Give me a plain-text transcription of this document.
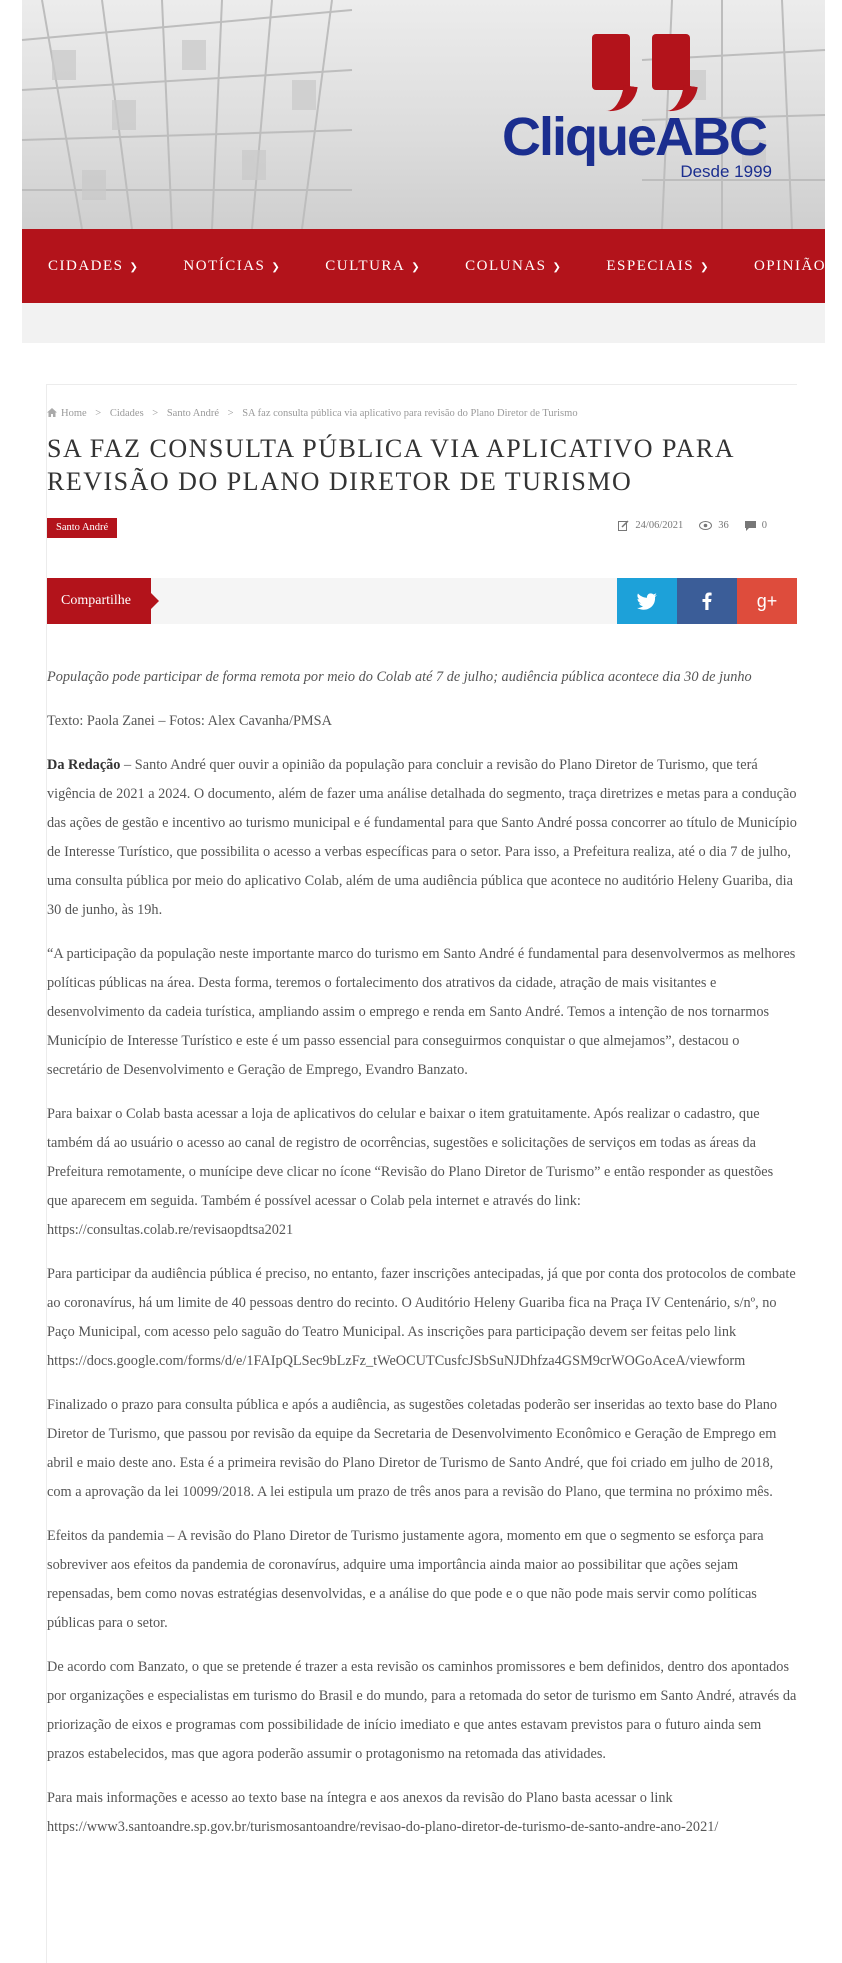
CliqueABC
Desde 1999
CIDADES ❯	NOTÍCIAS ❯	CULTURA ❯	COLUNAS ❯	ESPECIAIS ❯	OPINIÃO ❯
Home > Cidades > Santo André > SA faz consulta pública via aplicativo para revisão do Plano Diretor de Turismo
SA FAZ CONSULTA PÚBLICA VIA APLICATIVO PARA REVISÃO DO PLANO DIRETOR DE TURISMO
Santo André	24/06/2021	36	0
Compartilhe	g+

População pode participar de forma remota por meio do Colab até 7 de julho; audiência pública acontece dia 30 de junho

Texto: Paola Zanei – Fotos: Alex Cavanha/PMSA

Da Redação – Santo André quer ouvir a opinião da população para concluir a revisão do Plano Diretor de Turismo, que terá vigência de 2021 a 2024. O documento, além de fazer uma análise detalhada do segmento, traça diretrizes e metas para a condução das ações de gestão e incentivo ao turismo municipal e é fundamental para que Santo André possa concorrer ao título de Município de Interesse Turístico, que possibilita o acesso a verbas específicas para o setor. Para isso, a Prefeitura realiza, até o dia 7 de julho, uma consulta pública por meio do aplicativo Colab, além de uma audiência pública que acontece no auditório Heleny Guariba, dia 30 de junho, às 19h.

“A participação da população neste importante marco do turismo em Santo André é fundamental para desenvolvermos as melhores políticas públicas na área. Desta forma, teremos o fortalecimento dos atrativos da cidade, atração de mais visitantes e desenvolvimento da cadeia turística, ampliando assim o emprego e renda em Santo André. Temos a intenção de nos tornarmos Município de Interesse Turístico e este é um passo essencial para conseguirmos conquistar o que almejamos”, destacou o secretário de Desenvolvimento e Geração de Emprego, Evandro Banzato.

Para baixar o Colab basta acessar a loja de aplicativos do celular e baixar o item gratuitamente. Após realizar o cadastro, que também dá ao usuário o acesso ao canal de registro de ocorrências, sugestões e solicitações de serviços em todas as áreas da Prefeitura remotamente, o munícipe deve clicar no ícone “Revisão do Plano Diretor de Turismo” e então responder as questões que aparecem em seguida. Também é possível acessar o Colab pela internet e através do link:
https://consultas.colab.re/revisaopdtsa2021

Para participar da audiência pública é preciso, no entanto, fazer inscrições antecipadas, já que por conta dos protocolos de combate ao coronavírus, há um limite de 40 pessoas dentro do recinto. O Auditório Heleny Guariba fica na Praça IV Centenário, s/nº, no Paço Municipal, com acesso pelo saguão do Teatro Municipal. As inscrições para participação devem ser feitas pelo link
https://docs.google.com/forms/d/e/1FAIpQLSec9bLzFz_tWeOCUTCusfcJSbSuNJDhfza4GSM9crWOGoAceA/viewform

Finalizado o prazo para consulta pública e após a audiência, as sugestões coletadas poderão ser inseridas ao texto base do Plano Diretor de Turismo, que passou por revisão da equipe da Secretaria de Desenvolvimento Econômico e Geração de Emprego em abril e maio deste ano. Esta é a primeira revisão do Plano Diretor de Turismo de Santo André, que foi criado em julho de 2018, com a aprovação da lei 10099/2018. A lei estipula um prazo de três anos para a revisão do Plano, que termina no próximo mês.

Efeitos da pandemia – A revisão do Plano Diretor de Turismo justamente agora, momento em que o segmento se esforça para sobreviver aos efeitos da pandemia de coronavírus, adquire uma importância ainda maior ao possibilitar que ações sejam repensadas, bem como novas estratégias desenvolvidas, e a análise do que pode e o que não pode mais servir como políticas públicas para o setor.

De acordo com Banzato, o que se pretende é trazer a esta revisão os caminhos promissores e bem definidos, dentro dos apontados por organizações e especialistas em turismo do Brasil e do mundo, para a retomada do setor de turismo em Santo André, através da priorização de eixos e programas com possibilidade de início imediato e que antes estavam previstos para o futuro ainda sem prazos estabelecidos, mas que agora poderão assumir o protagonismo na retomada das atividades.

Para mais informações e acesso ao texto base na íntegra e aos anexos da revisão do Plano basta acessar o link
https://www3.santoandre.sp.gov.br/turismosantoandre/revisao-do-plano-diretor-de-turismo-de-santo-andre-ano-2021/
